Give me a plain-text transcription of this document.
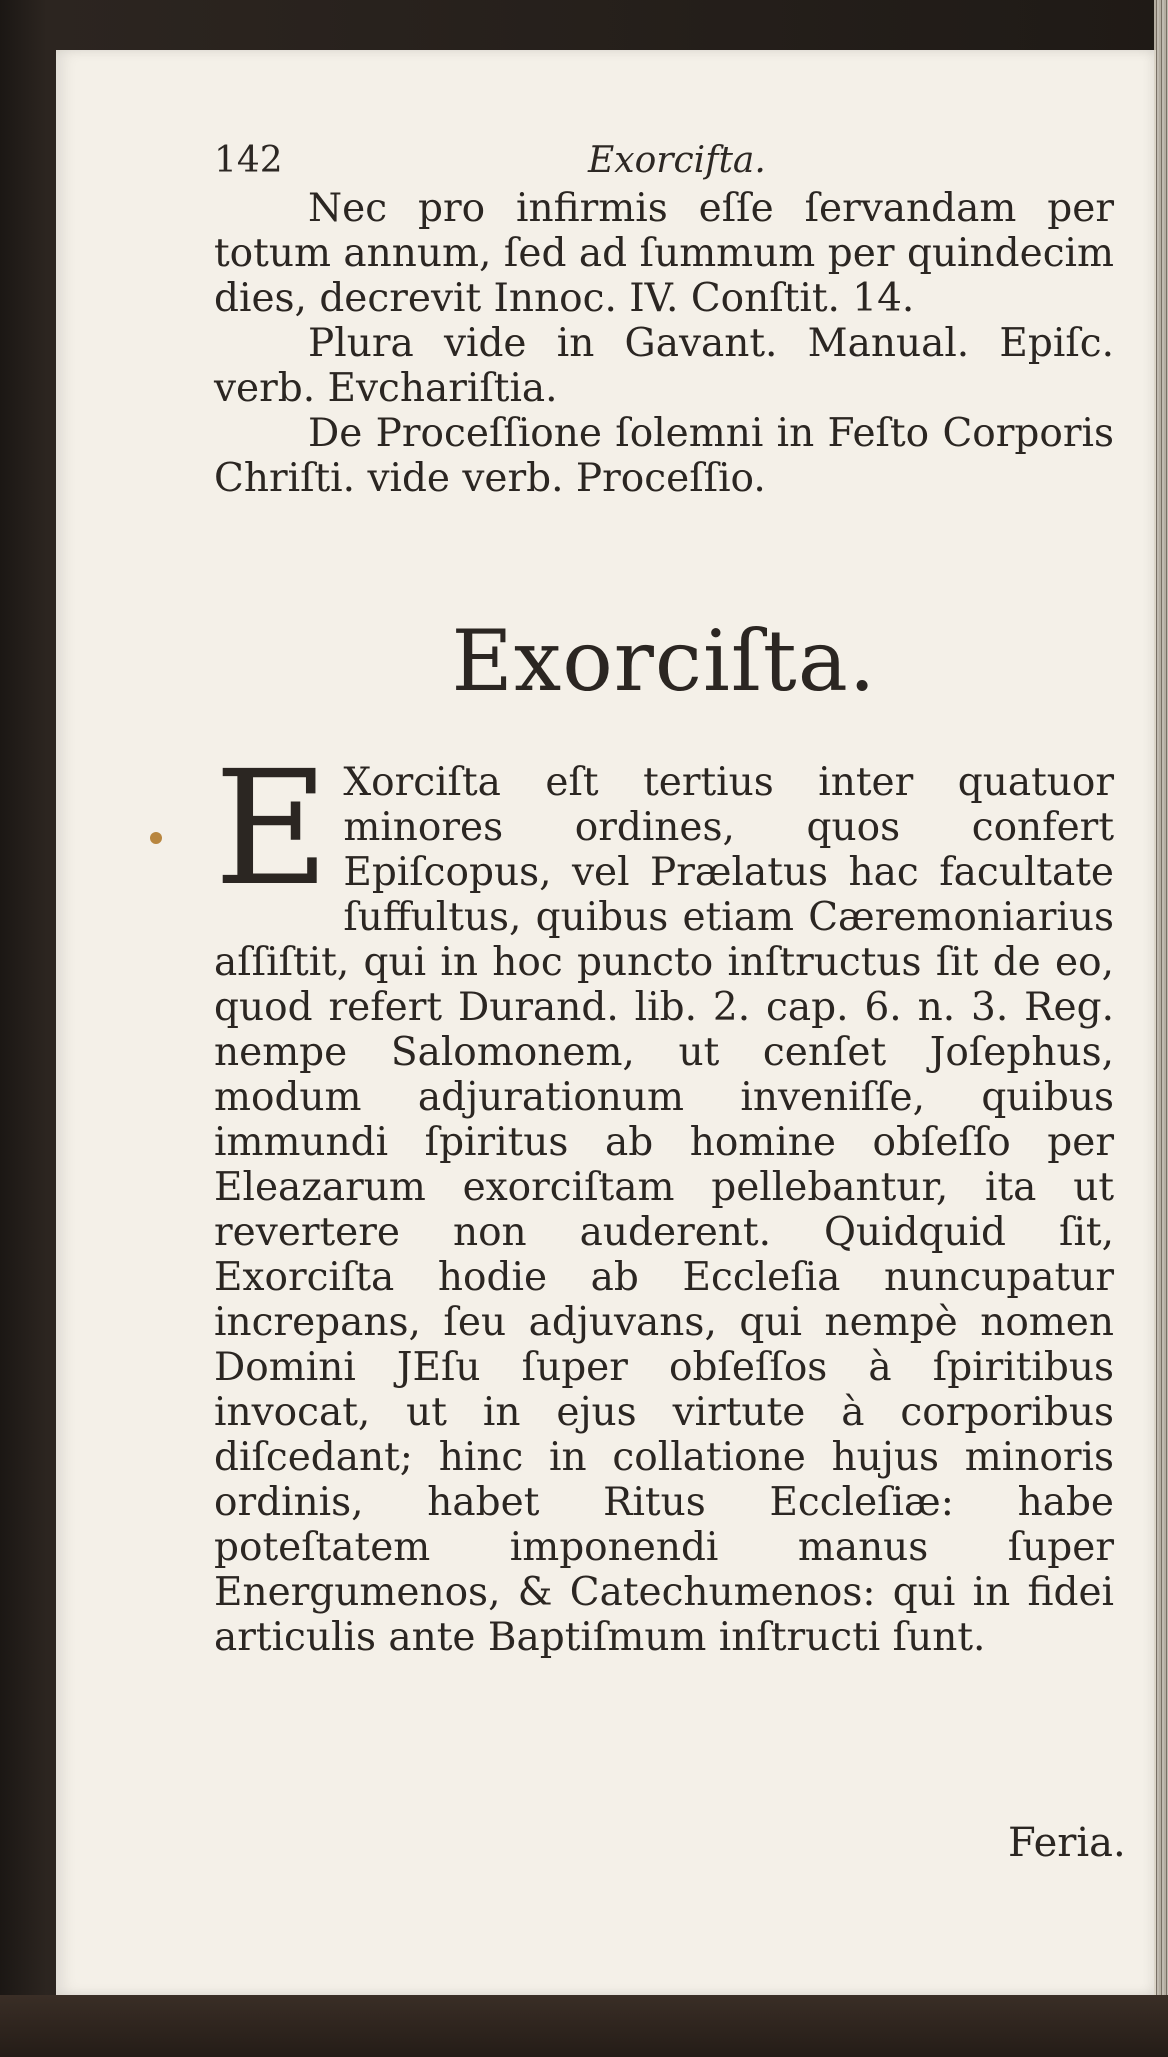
142	Exorcifta.

Nec pro infirmis eſſe ſervandam per totum annum, ſed ad ſummum per quindecim dies, decrevit Innoc. IV. Conſtit. 14.

Plura vide in Gavant. Manual. Epiſc. verb. Evchariſtia.

De Proceſſione ſolemni in Feſto Corporis Chriſti. vide verb. Proceſſio.

Exorciſta.
E Xorciſta eſt tertius inter quatuor minores ordines, quos confert Epiſcopus, vel Prælatus hac facultate ſuffultus, quibus etiam Cæremoniarius aſſiſtit, qui in hoc puncto inſtructus ſit de eo, quod refert Durand. lib. 2. cap. 6. n. 3. Reg. nempe Salomonem, ut cenſet Joſephus, modum adjurationum inveniſſe, quibus immundi ſpiritus ab homine obſeſſo per Eleazarum exorciſtam pellebantur, ita ut revertere non auderent. Quidquid ſit, Exorciſta hodie ab Eccleſia nuncupatur increpans, ſeu adjuvans, qui nempè nomen Domini JEſu ſuper obſeſſos à ſpiritibus invocat, ut in ejus virtute à corporibus diſcedant; hinc in collatione hujus minoris ordinis, habet Ritus Eccleſiæ: habe poteſtatem imponendi manus ſuper Energumenos, & Catechumenos: qui in fidei articulis ante Baptiſmum inſtructi ſunt.

Feria.
